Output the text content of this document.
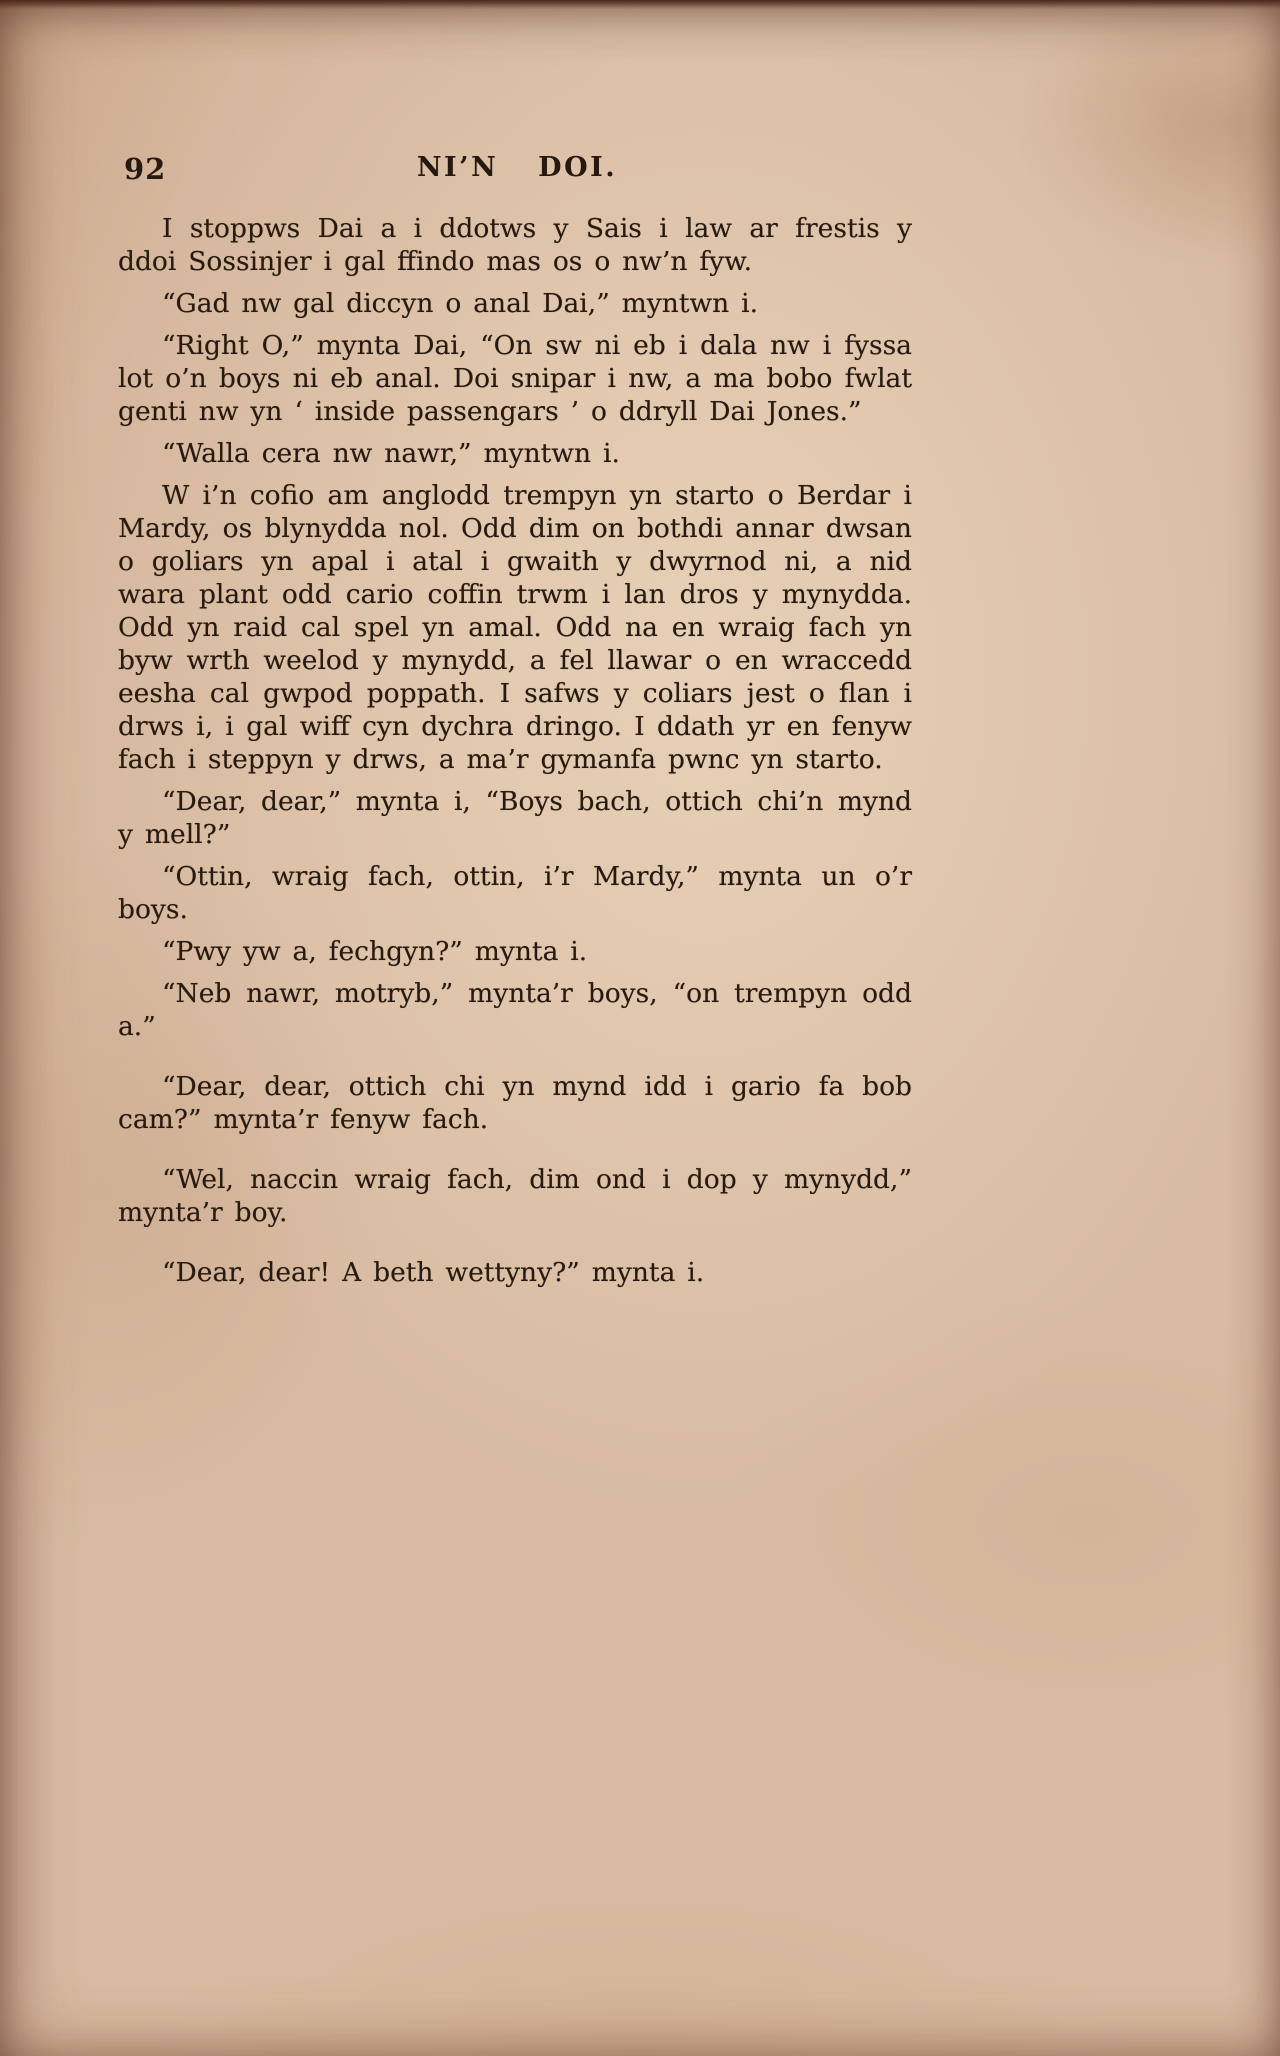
92	NI’N DOI.

I stoppws Dai a i ddotws y Sais i law ar frestis y ddoi Sossinjer i gal ffindo mas os o nw’n fyw.

“Gad nw gal diccyn o anal Dai,” myntwn i.

“Right O,” mynta Dai, “On sw ni eb i dala nw i fyssa lot o’n boys ni eb anal. Doi snipar i nw, a ma bobo fwlat genti nw yn ‘ inside passengars ’ o ddryll Dai Jones.”

“Walla cera nw nawr,” myntwn i.

W i’n cofio am anglodd trempyn yn starto o Berdar i Mardy, os blynydda nol. Odd dim on bothdi annar dwsan o goliars yn apal i atal i gwaith y dwyrnod ni, a nid wara plant odd cario coffin trwm i lan dros y mynydda. Odd yn raid cal spel yn amal. Odd na en wraig fach yn byw wrth weelod y mynydd, a fel llawar o en wraccedd eesha cal gwpod poppath. I safws y coliars jest o flan i drws i, i gal wiff cyn dychra dringo. I ddath yr en fenyw fach i steppyn y drws, a ma’r gymanfa pwnc yn starto.

“Dear, dear,” mynta i, “Boys bach, ottich chi’n mynd y mell?”

“Ottin, wraig fach, ottin, i’r Mardy,” mynta un o’r boys.

“Pwy yw a, fechgyn?” mynta i.

“Neb nawr, motryb,” mynta’r boys, “on trempyn odd a.”

“Dear, dear, ottich chi yn mynd idd i gario fa bob cam?” mynta’r fenyw fach.

“Wel, naccin wraig fach, dim ond i dop y mynydd,” mynta’r boy.

“Dear, dear! A beth wettyny?” mynta i.
